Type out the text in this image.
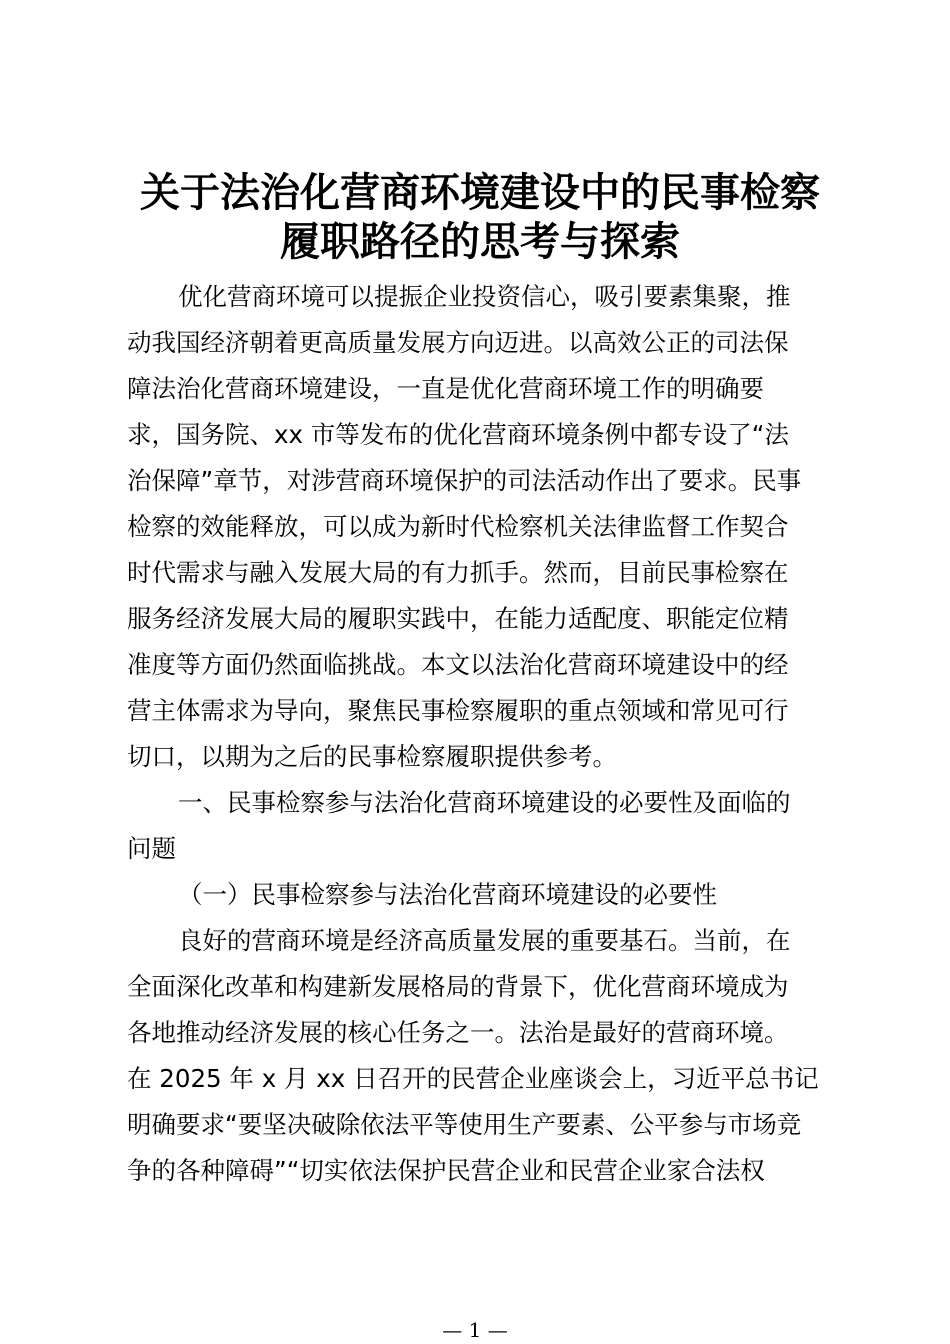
关于法治化营商环境建设中的民事检察
履职路径的思考与探索
优化营商环境可以提振企业投资信心，吸引要素集聚，推
动我国经济朝着更高质量发展方向迈进。以高效公正的司法保
障法治化营商环境建设，一直是优化营商环境工作的明确要
求，国务院、xx 市等发布的优化营商环境条例中都专设了“法
治保障”章节，对涉营商环境保护的司法活动作出了要求。民事
检察的效能释放，可以成为新时代检察机关法律监督工作契合
时代需求与融入发展大局的有力抓手。然而，目前民事检察在
服务经济发展大局的履职实践中，在能力适配度、职能定位精
准度等方面仍然面临挑战。本文以法治化营商环境建设中的经
营主体需求为导向，聚焦民事检察履职的重点领域和常见可行
切口，以期为之后的民事检察履职提供参考。
一、民事检察参与法治化营商环境建设的必要性及面临的
问题
（一）民事检察参与法治化营商环境建设的必要性
良好的营商环境是经济高质量发展的重要基石。当前，在
全面深化改革和构建新发展格局的背景下，优化营商环境成为
各地推动经济发展的核心任务之一。法治是最好的营商环境。
在 2025 年 x 月 xx 日召开的民营企业座谈会上，习近平总书记
明确要求“要坚决破除依法平等使用生产要素、公平参与市场竞
争的各种障碍”“切实依法保护民营企业和民营企业家合法权
— 1 —
